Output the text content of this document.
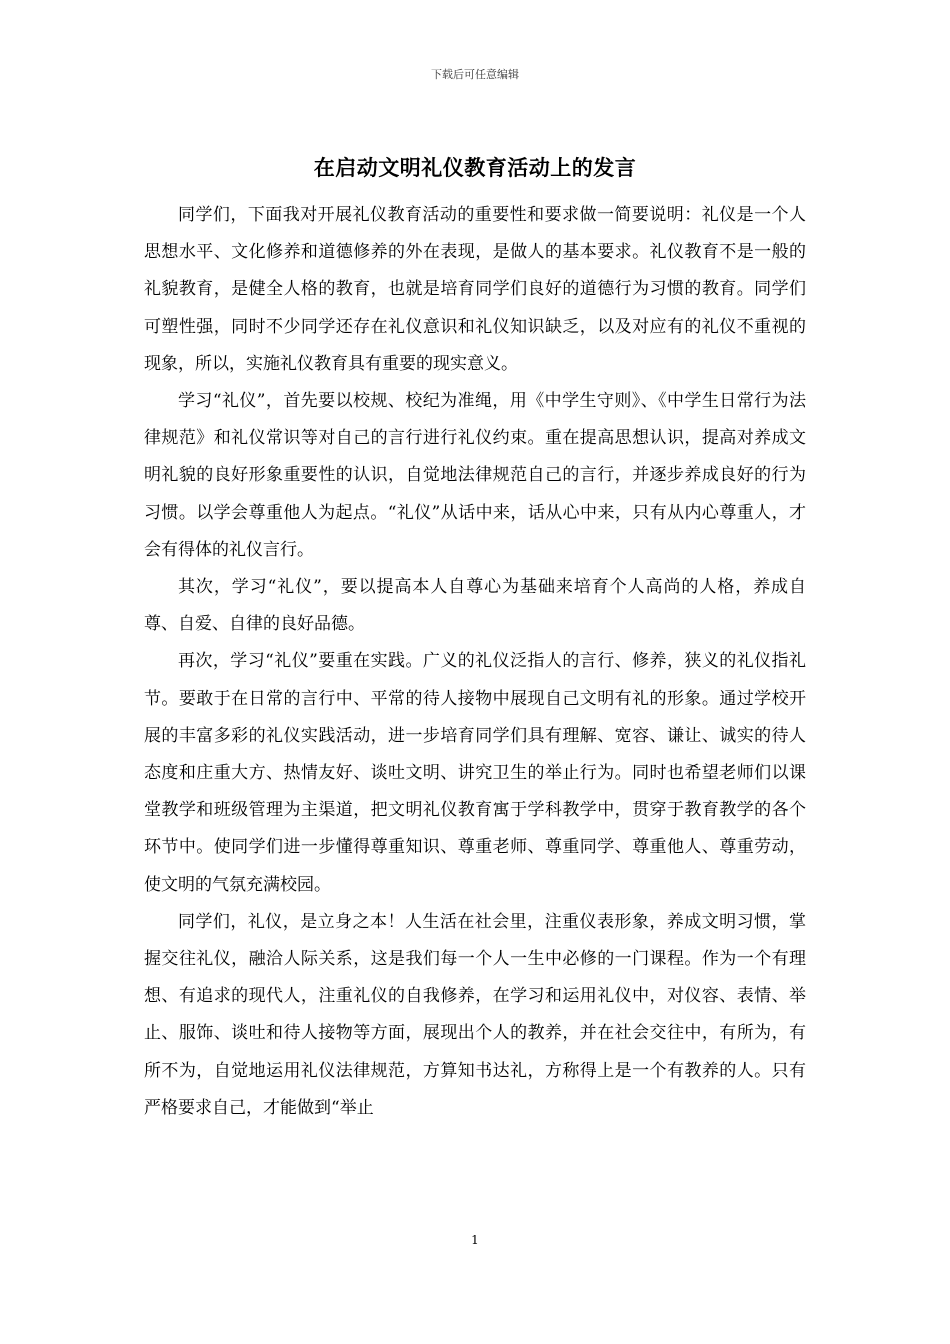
下载后可任意编辑
在启动文明礼仪教育活动上的发言

同学们，下面我对开展礼仪教育活动的重要性和要求做一简要说明：礼仪是一个人思想水平、文化修养和道德修养的外在表现，是做人的基本要求。礼仪教育不是一般的礼貌教育，是健全人格的教育，也就是培育同学们良好的道德行为习惯的教育。同学们可塑性强，同时不少同学还存在礼仪意识和礼仪知识缺乏，以及对应有的礼仪不重视的现象，所以，实施礼仪教育具有重要的现实意义。

学习“礼仪”，首先要以校规、校纪为准绳，用《中学生守则》、《中学生日常行为法律规范》和礼仪常识等对自己的言行进行礼仪约束。重在提高思想认识，提高对养成文明礼貌的良好形象重要性的认识，自觉地法律规范自己的言行，并逐步养成良好的行为习惯。以学会尊重他人为起点。“礼仪”从话中来，话从心中来，只有从内心尊重人，才会有得体的礼仪言行。

其次，学习“礼仪”，要以提高本人自尊心为基础来培育个人高尚的人格，养成自尊、自爱、自律的良好品德。

再次，学习“礼仪”要重在实践。广义的礼仪泛指人的言行、修养，狭义的礼仪指礼节。要敢于在日常的言行中、平常的待人接物中展现自己文明有礼的形象。通过学校开展的丰富多彩的礼仪实践活动，进一步培育同学们具有理解、宽容、谦让、诚实的待人态度和庄重大方、热情友好、谈吐文明、讲究卫生的举止行为。同时也希望老师们以课堂教学和班级管理为主渠道，把文明礼仪教育寓于学科教学中，贯穿于教育教学的各个环节中。使同学们进一步懂得尊重知识、尊重老师、尊重同学、尊重他人、尊重劳动，使文明的气氛充满校园。

同学们，礼仪，是立身之本！人生活在社会里，注重仪表形象，养成文明习惯，掌握交往礼仪，融洽人际关系，这是我们每一个人一生中必修的一门课程。作为一个有理想、有追求的现代人，注重礼仪的自我修养，在学习和运用礼仪中，对仪容、表情、举止、服饰、谈吐和待人接物等方面，展现出个人的教养，并在社会交往中，有所为，有所不为，自觉地运用礼仪法律规范，方算知书达礼，方称得上是一个有教养的人。只有严格要求自己，才能做到“举止

1
